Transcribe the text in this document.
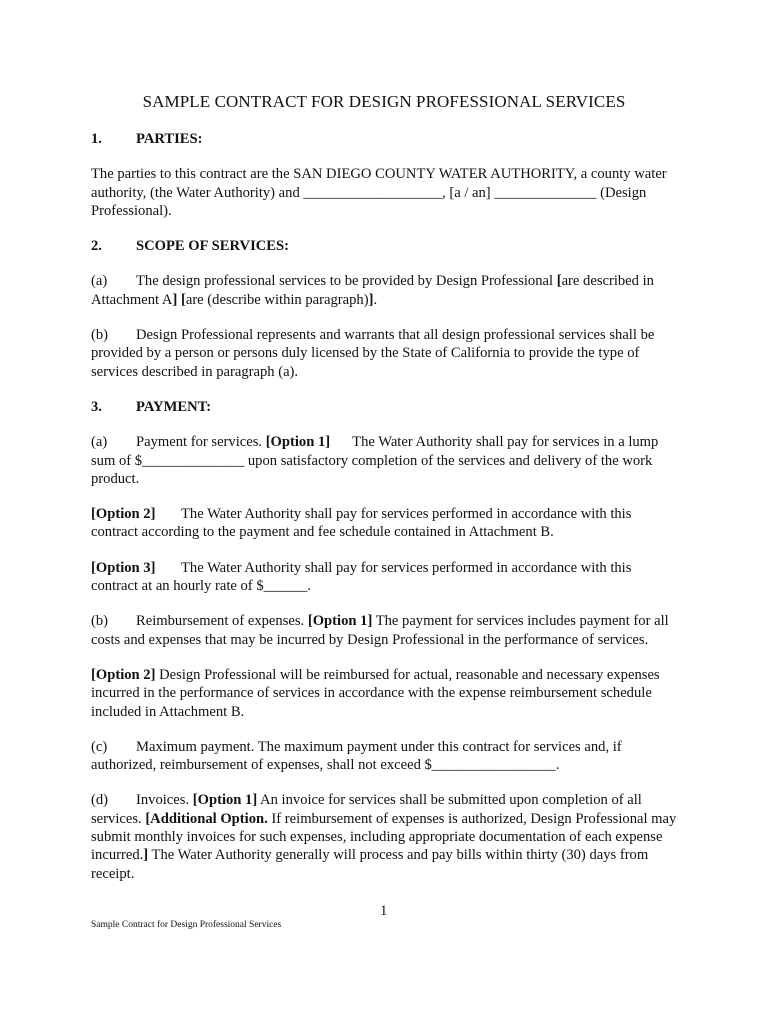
SAMPLE CONTRACT FOR DESIGN PROFESSIONAL SERVICES
1. PARTIES:

The parties to this contract are the SAN DIEGO COUNTY WATER AUTHORITY, a county water authority, (the Water Authority) and ___________________, [a / an] ______________ (Design Professional).

2. SCOPE OF SERVICES:

(a) The design professional services to be provided by Design Professional [are described in Attachment A] [are (describe within paragraph)].

(b) Design Professional represents and warrants that all design professional services shall be provided by a person or persons duly licensed by the State of California to provide the type of services described in paragraph (a).

3. PAYMENT:

(a) Payment for services. [Option 1] The Water Authority shall pay for services in a lump sum of $______________ upon satisfactory completion of the services and delivery of the work product.

[Option 2] The Water Authority shall pay for services performed in accordance with this contract according to the payment and fee schedule contained in Attachment B.

[Option 3] The Water Authority shall pay for services performed in accordance with this contract at an hourly rate of $______.

(b) Reimbursement of expenses. [Option 1] The payment for services includes payment for all costs and expenses that may be incurred by Design Professional in the performance of services.

[Option 2] Design Professional will be reimbursed for actual, reasonable and necessary expenses incurred in the performance of services in accordance with the expense reimbursement schedule included in Attachment B.

(c) Maximum payment. The maximum payment under this contract for services and, if authorized, reimbursement of expenses, shall not exceed $_________________.

(d) Invoices. [Option 1] An invoice for services shall be submitted upon completion of all services. [Additional Option. If reimbursement of expenses is authorized, Design Professional may submit monthly invoices for such expenses, including appropriate documentation of each expense incurred.] The Water Authority generally will process and pay bills within thirty (30) days from receipt.

1
Sample Contract for Design Professional Services
